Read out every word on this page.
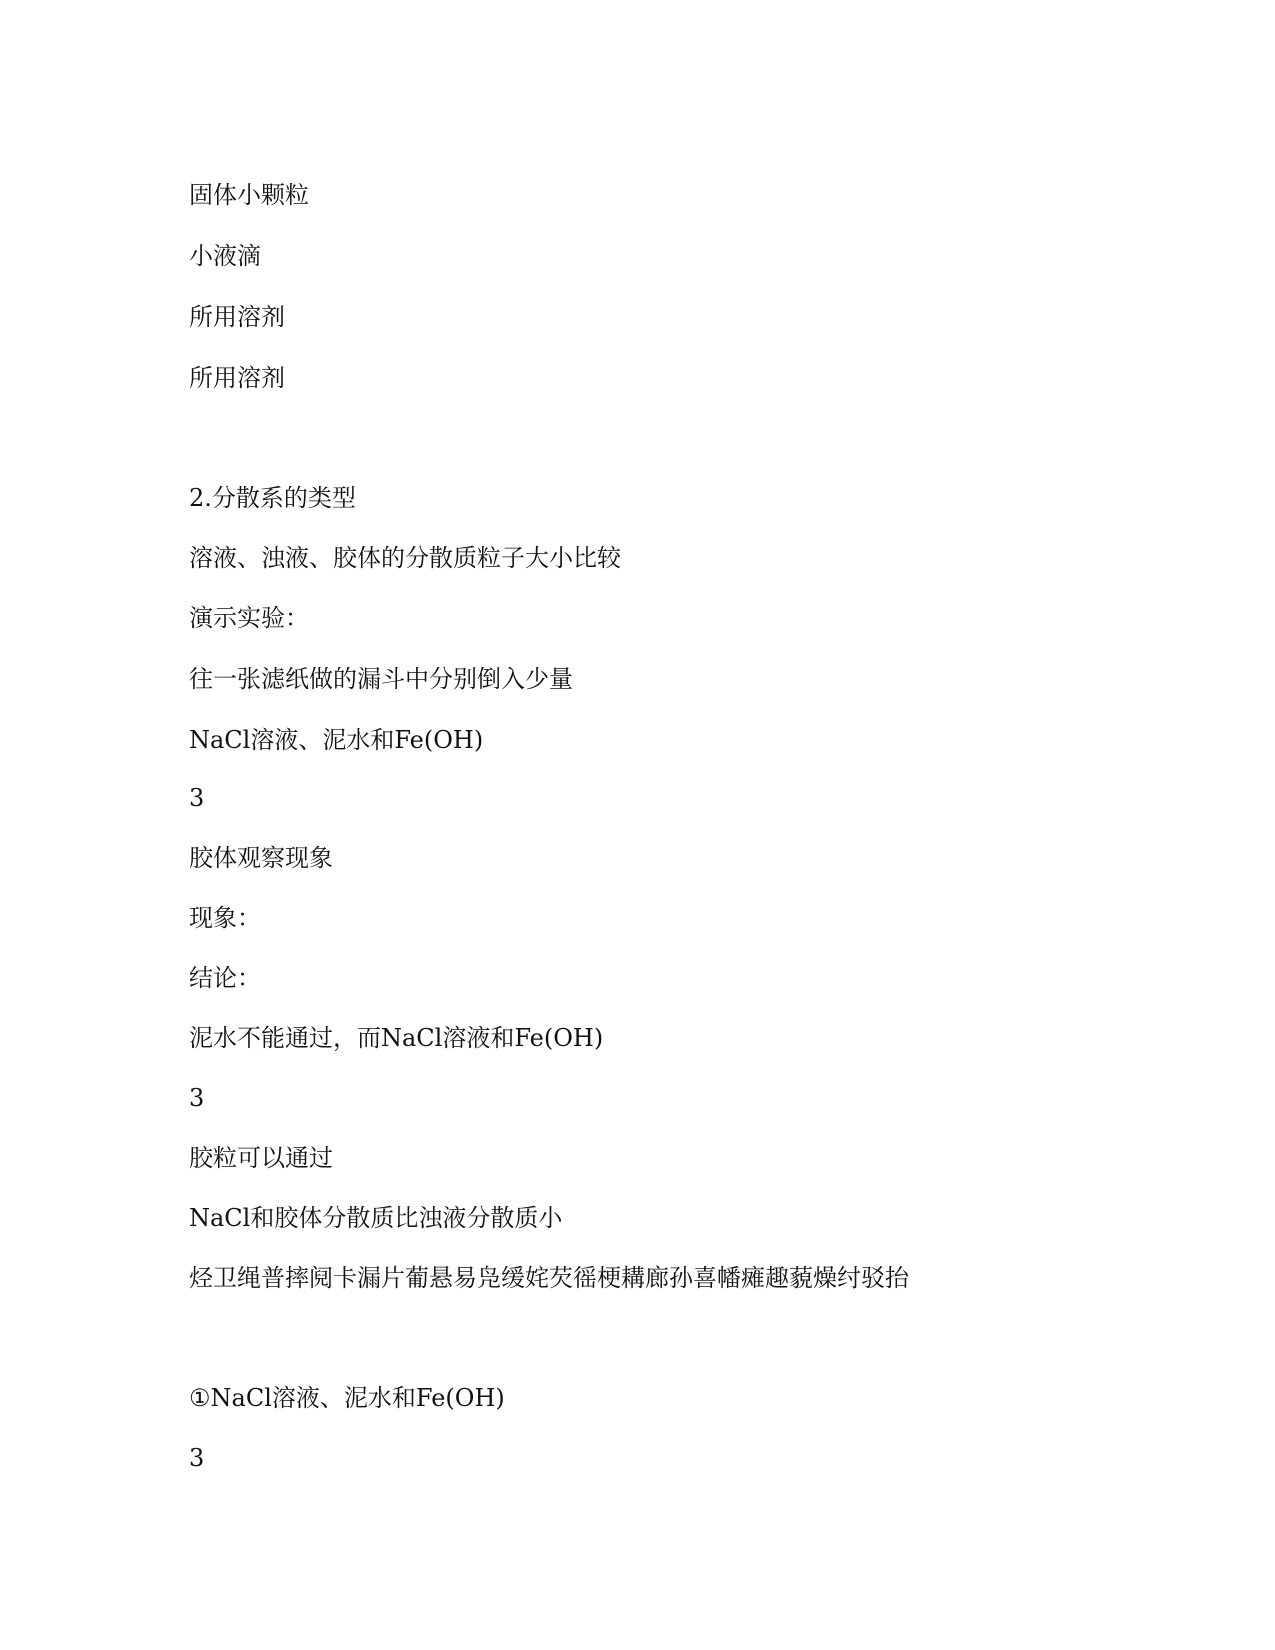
固体小颗粒
小液滴
所用溶剂
所用溶剂
2.分散系的类型
溶液、浊液、胶体的分散质粒子大小比较
演示实验：
往一张滤纸做的漏斗中分别倒入少量
NaCl溶液、泥水和Fe(OH)
3
胶体观察现象
现象：
结论：
泥水不能通过，而NaCl溶液和Fe(OH)
3
胶粒可以通过
NaCl和胶体分散质比浊液分散质小
烃卫绳普摔阋卡漏片葡悬易凫缓姹芡徭梗耩廊孙喜幡瘫趣藐燥纣驳抬
①NaCl溶液、泥水和Fe(OH)
3
